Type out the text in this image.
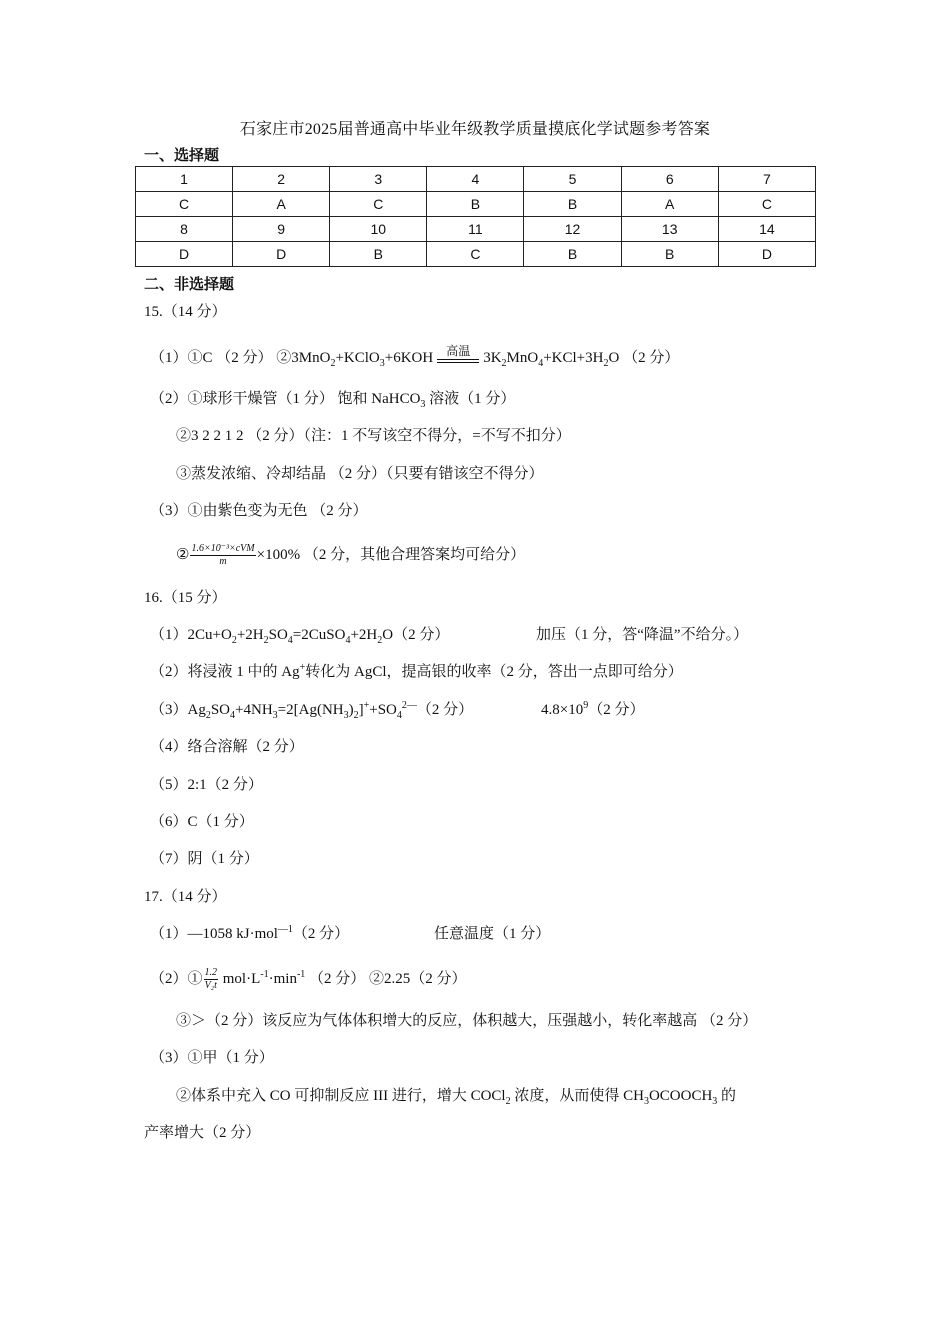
石家庄市2025届普通高中毕业年级教学质量摸底化学试题参考答案
一、选择题
1	2	3	4	5	6	7
C	A	C	B	B	A	C
8	9	10	11	12	13	14
D	D	B	C	B	B	D
二、非选择题
15.（14 分）
（1）①C （2 分） ②3MnO$_2$+KClO$_3$+6KOH	高温 $3K_2MnO_4+KCl+3H_2O$ （2 分）
（2）①球形干燥管（1 分） 饱和 NaHCO$_3$ 溶液（1 分）
②3 2 2 1 2 （2 分）（注：1 不写该空不得分，=不写不扣分）
③蒸发浓缩、冷却结晶 （2 分）（只要有错该空不得分）
（3）①由紫色变为无色 （2 分）
② $\frac{\text{1.6×10⁻³×cVM}}{m} \times 100\%$ （2 分，其他合理答案均可给分）
16.（15 分）
$(1)2Cu+O_2+2H_2SO_4=2CuSO_4+2H_2O(2$ 分）	加压（1 分，答“降温”不给分。）
（2）将浸液 1 中的 Ag+转化为 AgCl，提高银的收率（2 分，答出一点即可给分）
$(3)Ag_2SO_4+4NH_3=2[Ag(NH_3)_2]^++SO_4^{2—}(2$ 分）	$4.8\times 10^9(2$ 分）
（4）络合溶解（2 分）
（5）2:1（2 分）
（6）C（1 分）
（7）阴（1 分）
17.（14 分）
（1）—1058 kJ·mol$^{—1}$（2 分）	任意温度（1 分）
（2）① $\frac{1.2}{\text{V₂t}} mol\cdot L^{-1}\cdot\min^{-1}$ （2 分） ②2.25（2 分）
③＞（2 分）该反应为气体体积增大的反应，体积越大，压强越小，转化率越高 （2 分）
（3）①甲（1 分）
②体系中充入 CO 可抑制反应 III 进行，增大 COCl$_2$ 浓度，从而使得 $CH_3OCOOCH_3$ 的
产率增大（2 分）
